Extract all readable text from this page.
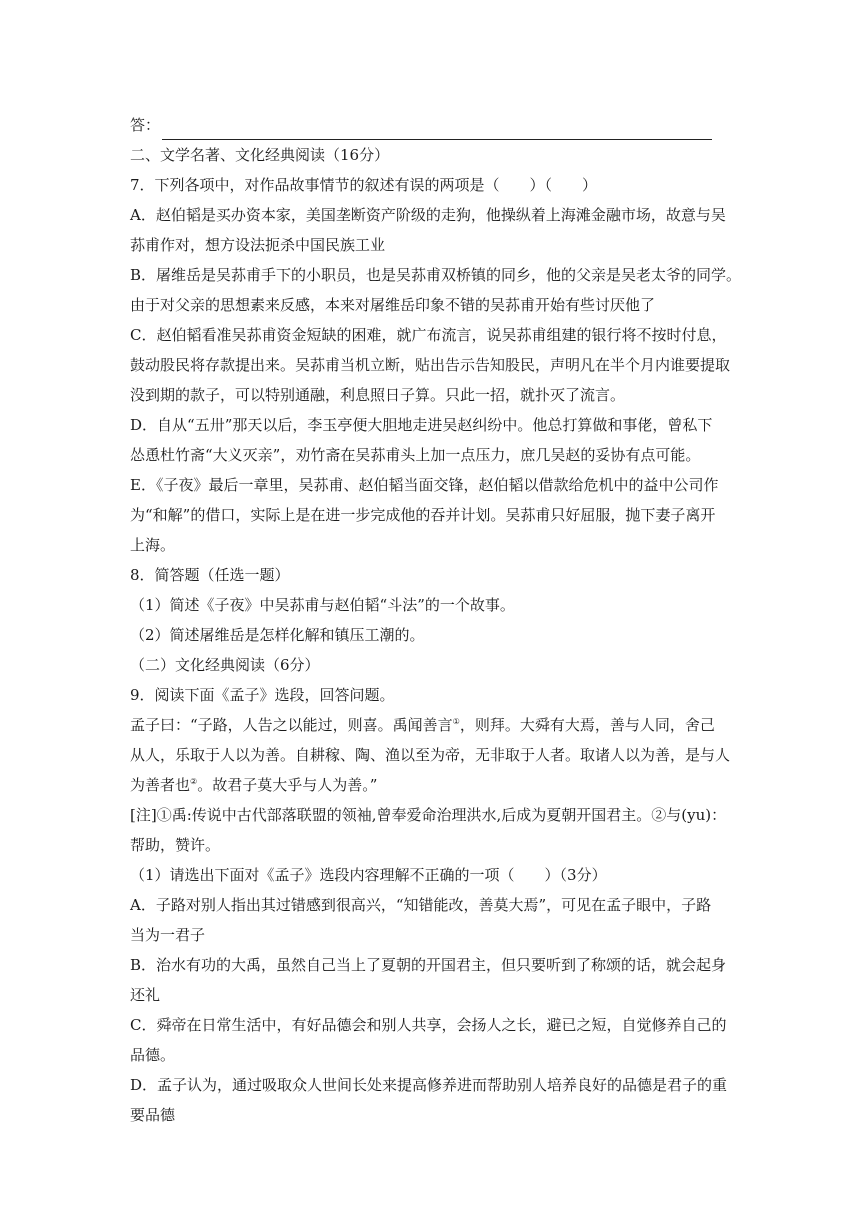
答：
二、文学名著、文化经典阅读（16分）
7．下列各项中，对作品故事情节的叙述有误的两项是（　　）（　　）
A．赵伯韬是买办资本家，美国垄断资产阶级的走狗，他操纵着上海滩金融市场，故意与吴
荪甫作对，想方设法扼杀中国民族工业
B．屠维岳是吴荪甫手下的小职员，也是吴荪甫双桥镇的同乡，他的父亲是吴老太爷的同学。
由于对父亲的思想素来反感，本来对屠维岳印象不错的吴荪甫开始有些讨厌他了
C．赵伯韬看准吴荪甫资金短缺的困难，就广布流言，说吴荪甫组建的银行将不按时付息，
鼓动股民将存款提出来。吴荪甫当机立断，贴出告示告知股民，声明凡在半个月内谁要提取
没到期的款子，可以特别通融，利息照日子算。只此一招，就扑灭了流言。
D．自从“五卅”那天以后，李玉亭便大胆地走进吴赵纠纷中。他总打算做和事佬，曾私下
怂恿杜竹斋“大义灭亲”，劝竹斋在吴荪甫头上加一点压力，庶几吴赵的妥协有点可能。
E．《子夜》最后一章里，吴荪甫、赵伯韬当面交锋，赵伯韬以借款给危机中的益中公司作
为“和解”的借口，实际上是在进一步完成他的吞并计划。吴荪甫只好屈服，抛下妻子离开
上海。
8．简答题（任选一题）
（1）简述《子夜》中吴荪甫与赵伯韬“斗法”的一个故事。
（2）简述屠维岳是怎样化解和镇压工潮的。
（二）文化经典阅读（6分）
9．阅读下面《孟子》选段，回答问题。
孟子曰：“子路，人告之以能过，则喜。禹闻善言①，则拜。大舜有大焉，善与人同，舍己
从人，乐取于人以为善。自耕稼、陶、渔以至为帝，无非取于人者。取诸人以为善，是与人
为善者也②。故君子莫大乎与人为善。”
[注]①禹:传说中古代部落联盟的领袖,曾奉爱命治理洪水,后成为夏朝开国君主。②与(yu)：
帮助，赞许。
（1）请选出下面对《孟子》选段内容理解不正确的一项（　　）（3分）
A．子路对别人指出其过错感到很高兴，“知错能改，善莫大焉”，可见在孟子眼中，子路
当为一君子
B．治水有功的大禹，虽然自己当上了夏朝的开国君主，但只要听到了称颂的话，就会起身
还礼
C．舜帝在日常生活中，有好品德会和别人共享，会扬人之长，避已之短，自觉修养自己的
品德。
D．孟子认为，通过吸取众人世间长处来提高修养进而帮助别人培养良好的品德是君子的重
要品德
